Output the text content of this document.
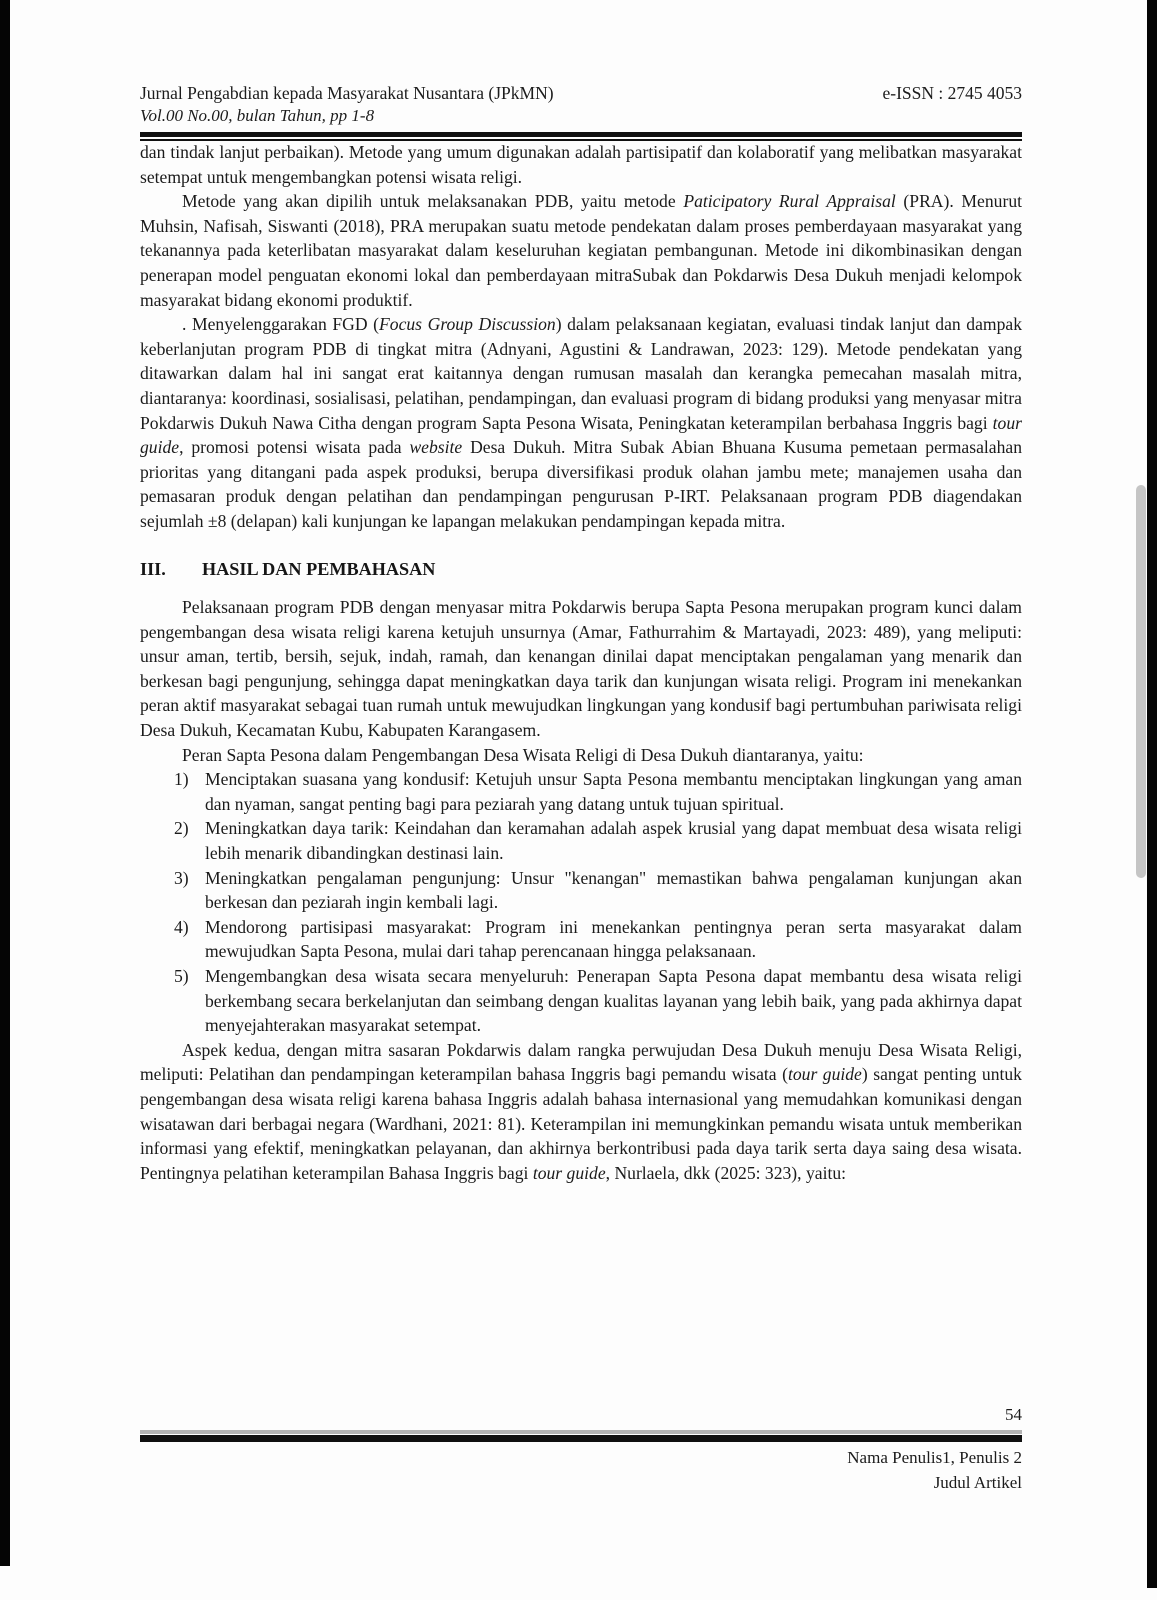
Jurnal Pengabdian kepada Masyarakat Nusantara (JPkMN)	e-ISSN : 2745 4053
Vol.00 No.00, bulan Tahun, pp 1-8

dan tindak lanjut perbaikan). Metode yang umum digunakan adalah partisipatif dan kolaboratif yang melibatkan masyarakat setempat untuk mengembangkan potensi wisata religi.

Metode yang akan dipilih untuk melaksanakan PDB, yaitu metode Paticipatory Rural Appraisal (PRA). Menurut Muhsin, Nafisah, Siswanti (2018), PRA merupakan suatu metode pendekatan dalam proses pemberdayaan masyarakat yang tekanannya pada keterlibatan masyarakat dalam keseluruhan kegiatan pembangunan. Metode ini dikombinasikan dengan penerapan model penguatan ekonomi lokal dan pemberdayaan mitraSubak dan Pokdarwis Desa Dukuh menjadi kelompok masyarakat bidang ekonomi produktif.

. Menyelenggarakan FGD (Focus Group Discussion) dalam pelaksanaan kegiatan, evaluasi tindak lanjut dan dampak keberlanjutan program PDB di tingkat mitra (Adnyani, Agustini & Landrawan, 2023: 129). Metode pendekatan yang ditawarkan dalam hal ini sangat erat kaitannya dengan rumusan masalah dan kerangka pemecahan masalah mitra, diantaranya: koordinasi, sosialisasi, pelatihan, pendampingan, dan evaluasi program di bidang produksi yang menyasar mitra Pokdarwis Dukuh Nawa Citha dengan program Sapta Pesona Wisata, Peningkatan keterampilan berbahasa Inggris bagi tour guide, promosi potensi wisata pada website Desa Dukuh. Mitra Subak Abian Bhuana Kusuma pemetaan permasalahan prioritas yang ditangani pada aspek produksi, berupa diversifikasi produk olahan jambu mete; manajemen usaha dan pemasaran produk dengan pelatihan dan pendampingan pengurusan P-IRT. Pelaksanaan program PDB diagendakan sejumlah ±8 (delapan) kali kunjungan ke lapangan melakukan pendampingan kepada mitra.

III. HASIL DAN PEMBAHASAN

Pelaksanaan program PDB dengan menyasar mitra Pokdarwis berupa Sapta Pesona merupakan program kunci dalam pengembangan desa wisata religi karena ketujuh unsurnya (Amar, Fathurrahim & Martayadi, 2023: 489), yang meliputi: unsur aman, tertib, bersih, sejuk, indah, ramah, dan kenangan dinilai dapat menciptakan pengalaman yang menarik dan berkesan bagi pengunjung, sehingga dapat meningkatkan daya tarik dan kunjungan wisata religi. Program ini menekankan peran aktif masyarakat sebagai tuan rumah untuk mewujudkan lingkungan yang kondusif bagi pertumbuhan pariwisata religi Desa Dukuh, Kecamatan Kubu, Kabupaten Karangasem.

Peran Sapta Pesona dalam Pengembangan Desa Wisata Religi di Desa Dukuh diantaranya, yaitu:

1) Menciptakan suasana yang kondusif: Ketujuh unsur Sapta Pesona membantu menciptakan lingkungan yang aman dan nyaman, sangat penting bagi para peziarah yang datang untuk tujuan spiritual.
2) Meningkatkan daya tarik: Keindahan dan keramahan adalah aspek krusial yang dapat membuat desa wisata religi lebih menarik dibandingkan destinasi lain.
3) Meningkatkan pengalaman pengunjung: Unsur "kenangan" memastikan bahwa pengalaman kunjungan akan berkesan dan peziarah ingin kembali lagi.
4) Mendorong partisipasi masyarakat: Program ini menekankan pentingnya peran serta masyarakat dalam mewujudkan Sapta Pesona, mulai dari tahap perencanaan hingga pelaksanaan.
5) Mengembangkan desa wisata secara menyeluruh: Penerapan Sapta Pesona dapat membantu desa wisata religi berkembang secara berkelanjutan dan seimbang dengan kualitas layanan yang lebih baik, yang pada akhirnya dapat menyejahterakan masyarakat setempat.

Aspek kedua, dengan mitra sasaran Pokdarwis dalam rangka perwujudan Desa Dukuh menuju Desa Wisata Religi, meliputi: Pelatihan dan pendampingan keterampilan bahasa Inggris bagi pemandu wisata (tour guide) sangat penting untuk pengembangan desa wisata religi karena bahasa Inggris adalah bahasa internasional yang memudahkan komunikasi dengan wisatawan dari berbagai negara (Wardhani, 2021: 81). Keterampilan ini memungkinkan pemandu wisata untuk memberikan informasi yang efektif, meningkatkan pelayanan, dan akhirnya berkontribusi pada daya tarik serta daya saing desa wisata. Pentingnya pelatihan keterampilan Bahasa Inggris bagi tour guide, Nurlaela, dkk (2025: 323), yaitu:

54
Nama Penulis1, Penulis 2
Judul Artikel
